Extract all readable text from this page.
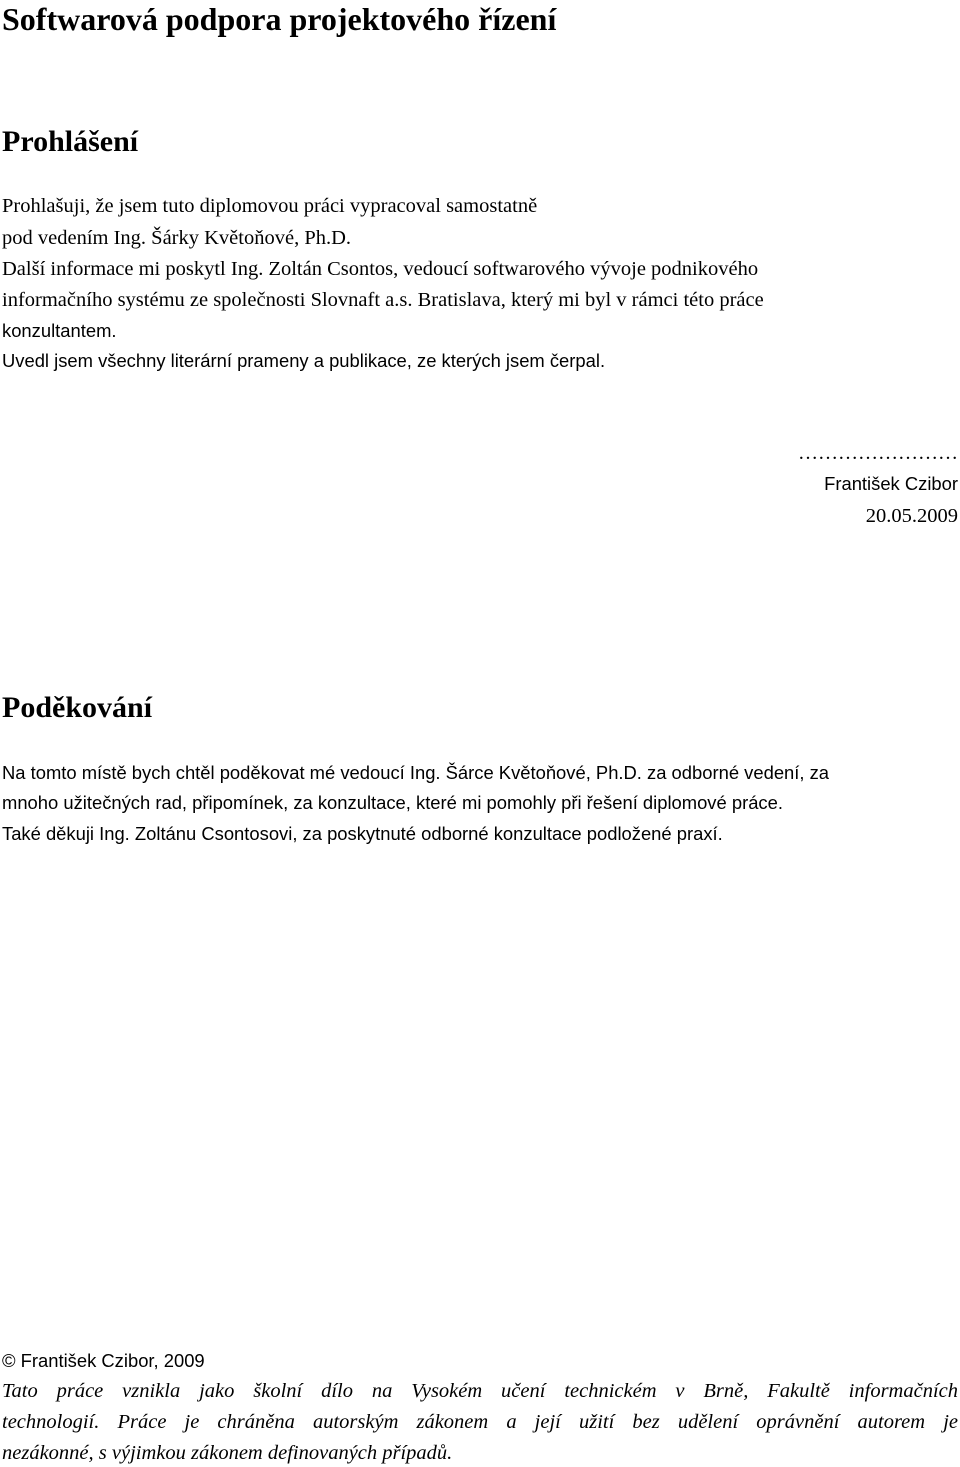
Softwarová podpora projektového řízení
Prohlášení

Prohlašuji, že jsem tuto diplomovou práci vypracoval samostatně

pod vedením Ing. Šárky Květoňové, Ph.D.

Další informace mi poskytl Ing. Zoltán Csontos, vedoucí softwarového vývoje podnikového

informačního systému ze společnosti Slovnaft a.s. Bratislava, který mi byl v rámci této práce

konzultantem.

Uvedl jsem všechny literární prameny a publikace, ze kterých jsem čerpal.

……………………

František Czibor

20.05.2009

Poděkování

Na tomto místě bych chtěl poděkovat mé vedoucí Ing. Šárce Květoňové, Ph.D. za odborné vedení, za

mnoho užitečných rad, připomínek, za konzultace, které mi pomohly při řešení diplomové práce.

Také děkuji Ing. Zoltánu Csontosovi, za poskytnuté odborné konzultace podložené praxí.

© František Czibor, 2009

Tato práce vznikla jako školní dílo na Vysokém učení technickém v Brně, Fakultě informačních

technologií. Práce je chráněna autorským zákonem a její užití bez udělení oprávnění autorem je

nezákonné, s výjimkou zákonem definovaných případů.
